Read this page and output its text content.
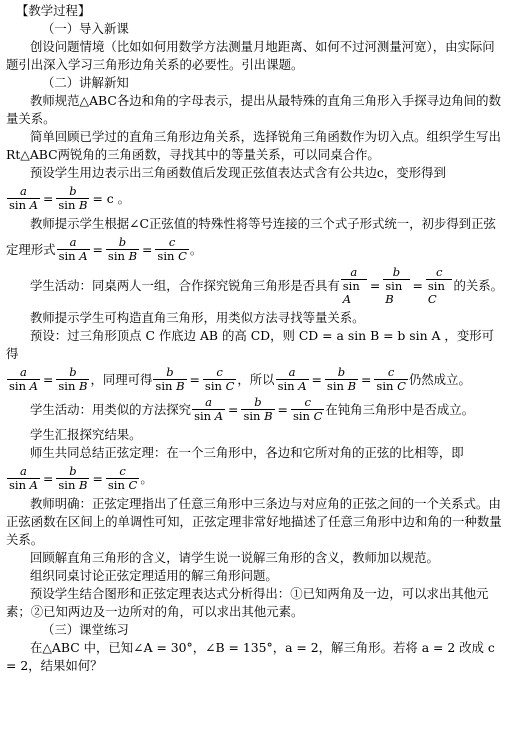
【教学过程】

（一）导入新课

创设问题情境（比如如何用数学方法测量月地距离、如何不过河测量河宽），由实际问题引出深入学习三角形边角关系的必要性。引出课题。

（二）讲解新知

教师规范△ABC各边和角的字母表示，提出从最特殊的直角三角形入手探寻边角间的数量关系。

简单回顾已学过的直角三角形边角关系，选择锐角三角函数作为切入点。组织学生写出Rt△ABC两锐角的三角函数，寻找其中的等量关系，可以同桌合作。

预设学生用边表示出三角函数值后发现正弦值表达式含有公共边c，变形得到

$\frac{a}{\text{sin A}} = \frac{b}{\text{sin B}} = c$ 。

教师提示学生根据∠C正弦值的特殊性将等号连接的三个式子形式统一，初步得到正弦

定理形式 $\frac{a}{\text{sin A}} = \frac{b}{\text{sin B}} = \frac{c}{\text{sin C}}$ 。
学生活动：同桌两人一组，合作探究锐角三角形是否具有 $\frac{a}{\text{sin A}} = \frac{b}{\text{sin B}} = \frac{c}{\text{sin C}}$ 的关系。

教师提示学生可构造直角三角形，用类似方法寻找等量关系。

预设：过三角形顶点 C 作底边 AB 的高 CD，则 CD = a sin B = b sin A ，变形可得

$\frac{a}{\text{sin A}} = \frac{b}{\text{sin B}}$ ，同理可得 $\frac{b}{\text{sin B}} = \frac{c}{\text{sin C}}$ ，所以 $\frac{a}{\text{sin A}} = \frac{b}{\text{sin B}} = \frac{c}{\text{sin C}}$ 仍然成立。
学生活动：用类似的方法探究 $\frac{a}{\text{sin A}} = \frac{b}{\text{sin B}} = \frac{c}{\text{sin C}}$ 在钝角三角形中是否成立。

学生汇报探究结果。

师生共同总结正弦定理：在一个三角形中，各边和它所对角的正弦的比相等，即

$\frac{a}{\text{sin A}} = \frac{b}{\text{sin B}} = \frac{c}{\text{sin C}}$ 。

教师明确：正弦定理指出了任意三角形中三条边与对应角的正弦之间的一个关系式。由正弦函数在区间上的单调性可知，正弦定理非常好地描述了任意三角形中边和角的一种数量关系。

回顾解直角三角形的含义，请学生说一说解三角形的含义，教师加以规范。

组织同桌讨论正弦定理适用的解三角形问题。

预设学生结合图形和正弦定理表达式分析得出：①已知两角及一边，可以求出其他元素；②已知两边及一边所对的角，可以求出其他元素。

（三）课堂练习

在△ABC 中，已知∠A = 30°，∠B = 135°，a = 2，解三角形。若将 a = 2 改成 c = 2，结果如何？
